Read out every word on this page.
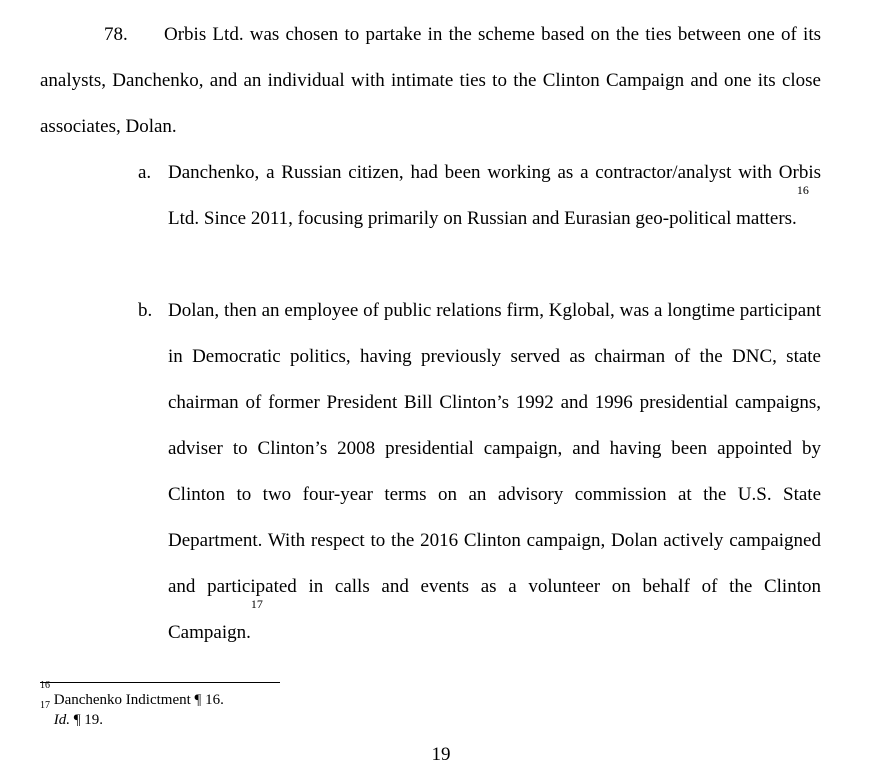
78. Orbis Ltd. was chosen to partake in the scheme based on the ties between one of its analysts, Danchenko, and an individual with intimate ties to the Clinton Campaign and one its close associates, Dolan.

a. Danchenko, a Russian citizen, had been working as a contractor/analyst with Orbis Ltd. Since 2011, focusing primarily on Russian and Eurasian geo-political matters.$^{16}$

b. Dolan, then an employee of public relations firm, Kglobal, was a longtime participant in Democratic politics, having previously served as chairman of the DNC, state chairman of former President Bill Clinton’s 1992 and 1996 presidential campaigns, adviser to Clinton’s 2008 presidential campaign, and having been appointed by Clinton to two four-year terms on an advisory commission at the U.S. State Department. With respect to the 2016 Clinton campaign, Dolan actively campaigned and participated in calls and events as a volunteer on behalf of the Clinton Campaign.$^{17}$

$^{16}$ Danchenko Indictment ¶ 16.

$^{17}$ Id. ¶ 19.

19
